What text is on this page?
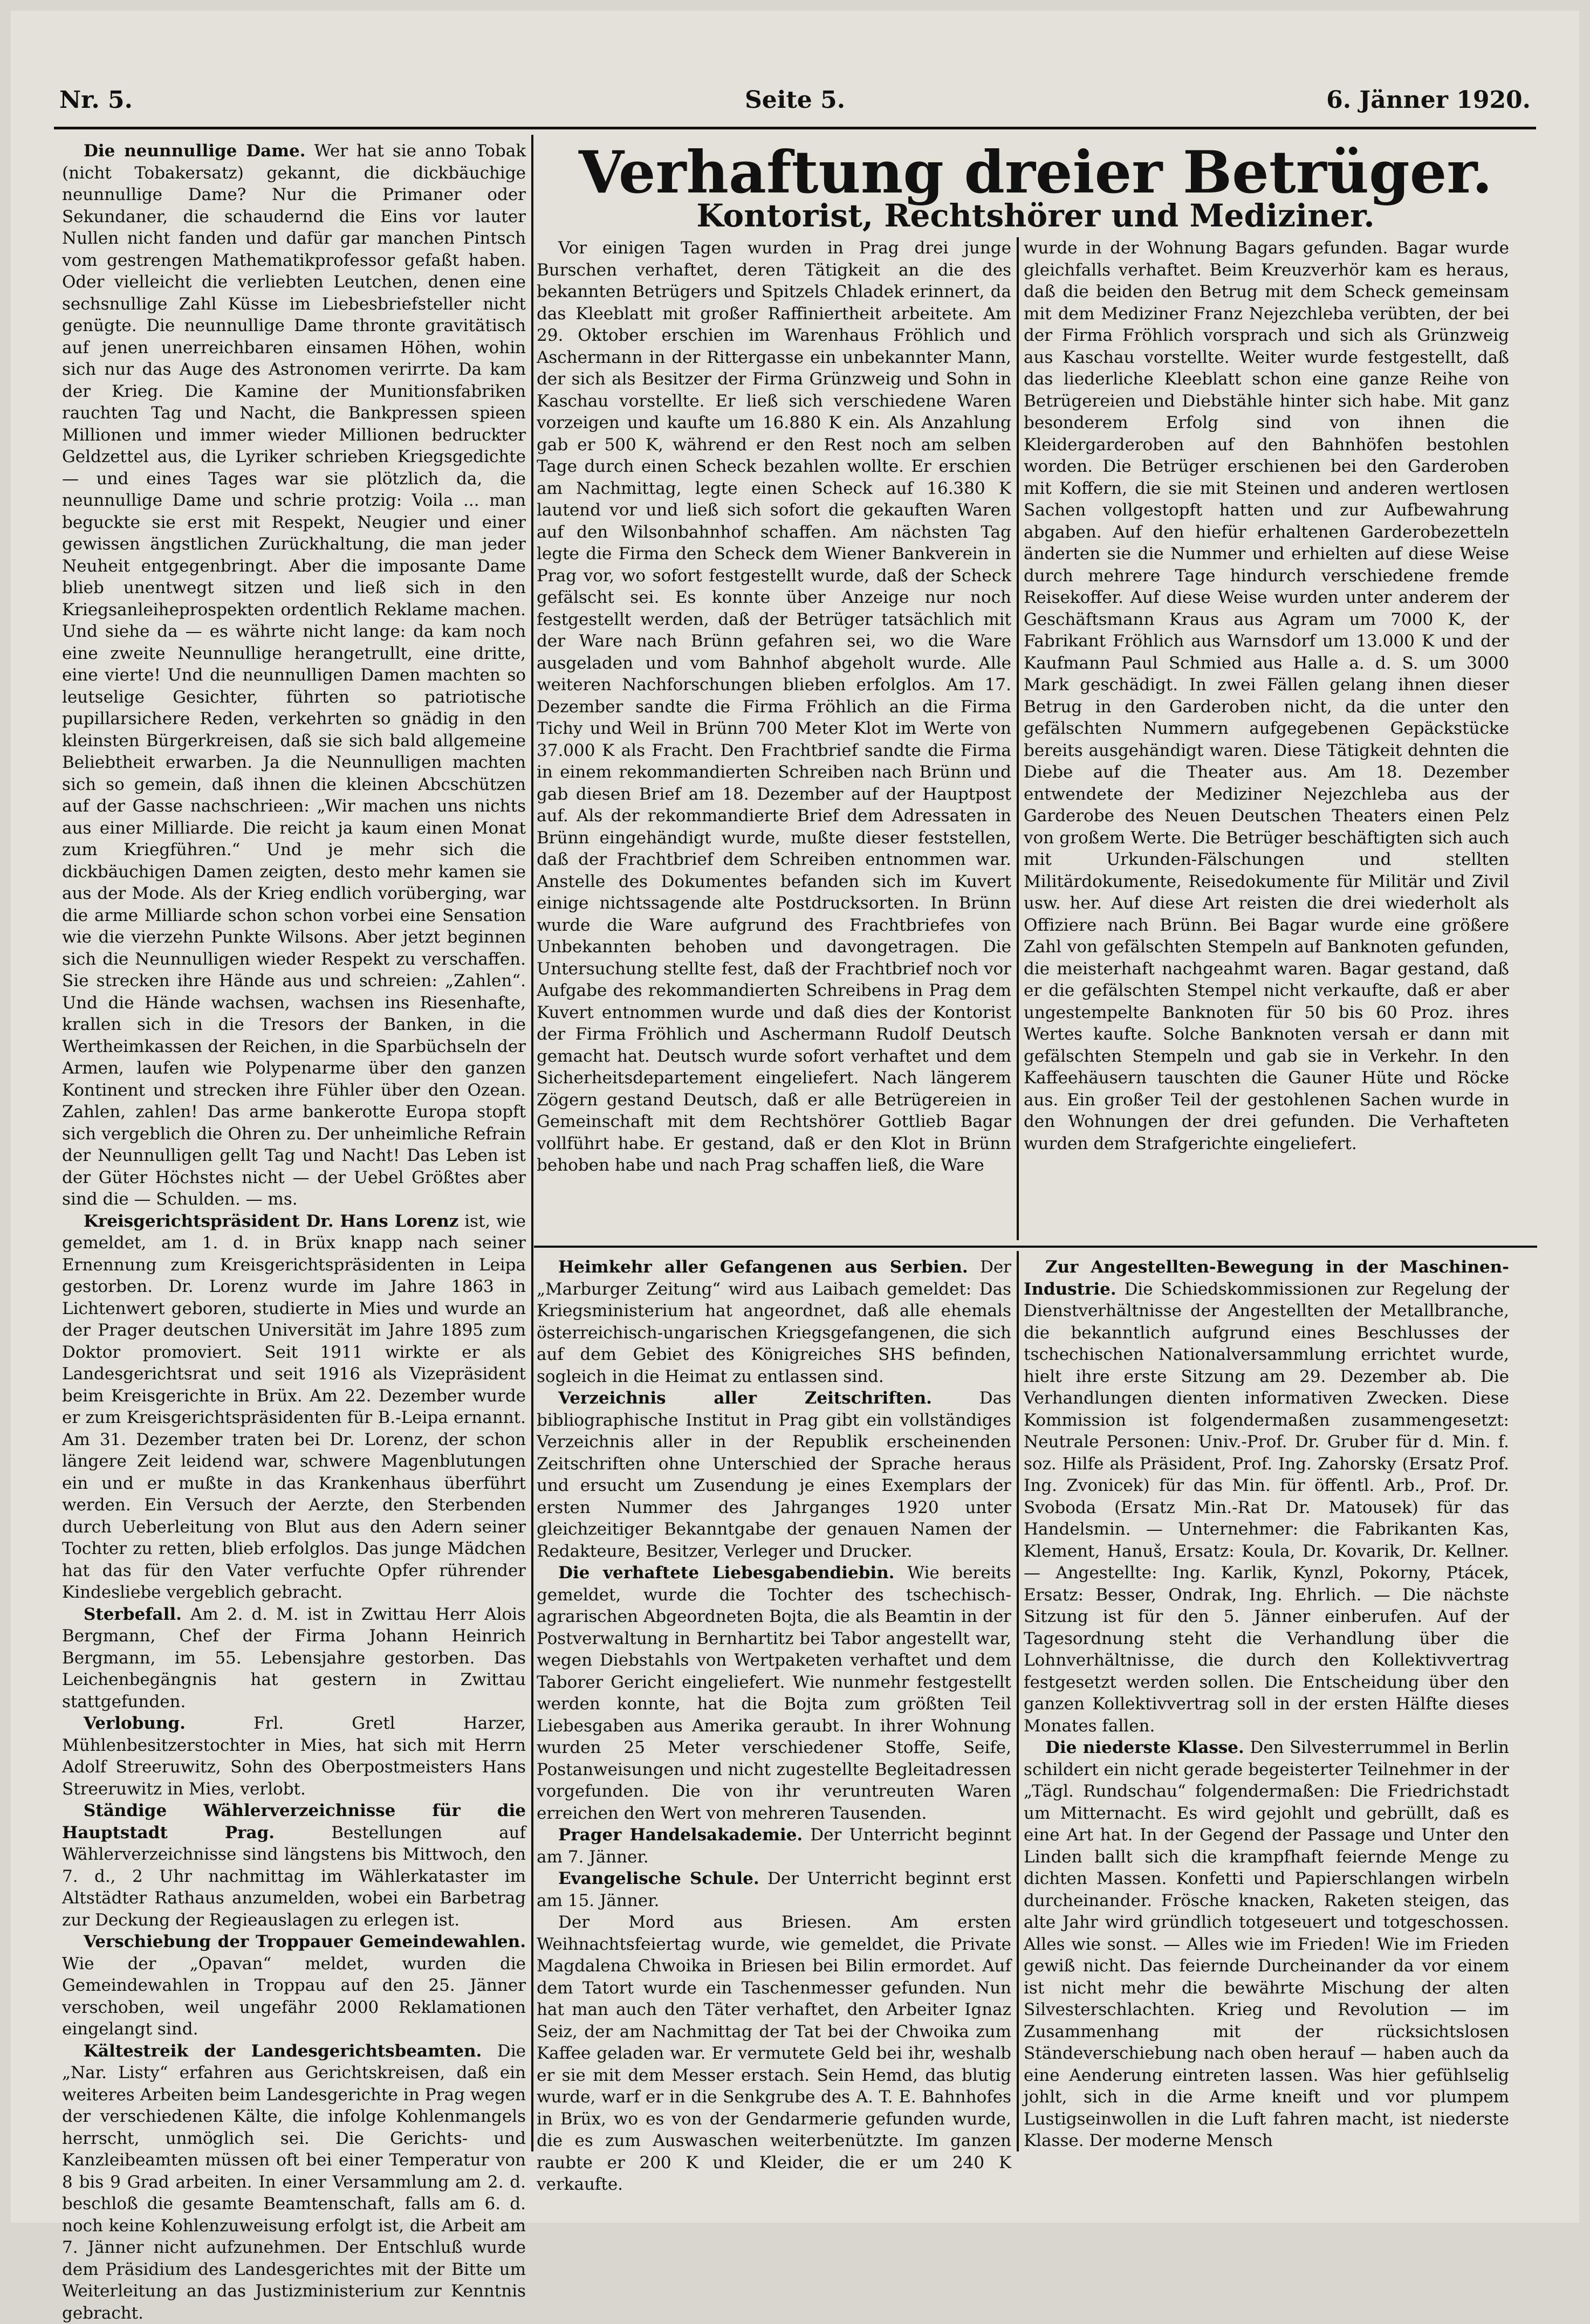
Nr. 5.	Seite 5.	6. Jänner 1920.

Die neunnullige Dame. Wer hat sie anno Tobak (nicht Tobakersatz) gekannt, die dickbäuchige neunnullige Dame? Nur die Primaner oder Sekundaner, die schaudernd die Eins vor lauter Nullen nicht fanden und dafür gar manchen Pintsch vom gestrengen Mathematikprofessor gefaßt haben. Oder vielleicht die verliebten Leutchen, denen eine sechsnullige Zahl Küsse im Liebesbriefsteller nicht genügte. Die neunnullige Dame thronte gravitätisch auf jenen unerreichbaren einsamen Höhen, wohin sich nur das Auge des Astronomen verirrte. Da kam der Krieg. Die Kamine der Munitionsfabriken rauchten Tag und Nacht, die Bankpressen spieen Millionen und immer wieder Millionen bedruckter Geldzettel aus, die Lyriker schrieben Kriegsgedichte — und eines Tages war sie plötzlich da, die neunnullige Dame und schrie protzig: Voila ... man beguckte sie erst mit Respekt, Neugier und einer gewissen ängstlichen Zurückhaltung, die man jeder Neuheit entgegenbringt. Aber die imposante Dame blieb unentwegt sitzen und ließ sich in den Kriegsanleiheprospekten ordentlich Reklame machen. Und siehe da — es währte nicht lange: da kam noch eine zweite Neunnullige herangetrullt, eine dritte, eine vierte! Und die neunnulligen Damen machten so leutselige Gesichter, führten so patriotische pupillarsichere Reden, verkehrten so gnädig in den kleinsten Bürgerkreisen, daß sie sich bald allgemeine Beliebtheit erwarben. Ja die Neunnulligen machten sich so gemein, daß ihnen die kleinen Abcschützen auf der Gasse nachschrieen: „Wir machen uns nichts aus einer Milliarde. Die reicht ja kaum einen Monat zum Kriegführen.“ Und je mehr sich die dickbäuchigen Damen zeigten, desto mehr kamen sie aus der Mode. Als der Krieg endlich vorüberging, war die arme Milliarde schon schon vorbei eine Sensation wie die vierzehn Punkte Wilsons. Aber jetzt beginnen sich die Neunnulligen wieder Respekt zu verschaffen. Sie strecken ihre Hände aus und schreien: „Zahlen“. Und die Hände wachsen, wachsen ins Riesenhafte, krallen sich in die Tresors der Banken, in die Wertheimkassen der Reichen, in die Sparbüchseln der Armen, laufen wie Polypenarme über den ganzen Kontinent und strecken ihre Fühler über den Ozean. Zahlen, zahlen! Das arme bankerotte Europa stopft sich vergeblich die Ohren zu. Der unheimliche Refrain der Neunnulligen gellt Tag und Nacht! Das Leben ist der Güter Höchstes nicht — der Uebel Größtes aber sind die — Schulden. — ms.

Kreisgerichtspräsident Dr. Hans Lorenz ist, wie gemeldet, am 1. d. in Brüx knapp nach seiner Ernennung zum Kreisgerichtspräsidenten in Leipa gestorben. Dr. Lorenz wurde im Jahre 1863 in Lichtenwert geboren, studierte in Mies und wurde an der Prager deutschen Universität im Jahre 1895 zum Doktor promoviert. Seit 1911 wirkte er als Landesgerichtsrat und seit 1916 als Vizepräsident beim Kreisgerichte in Brüx. Am 22. Dezember wurde er zum Kreisgerichtspräsidenten für B.-Leipa ernannt. Am 31. Dezember traten bei Dr. Lorenz, der schon längere Zeit leidend war, schwere Magenblutungen ein und er mußte in das Krankenhaus überführt werden. Ein Versuch der Aerzte, den Sterbenden durch Ueberleitung von Blut aus den Adern seiner Tochter zu retten, blieb erfolglos. Das junge Mädchen hat das für den Vater verfuchte Opfer rührender Kindesliebe vergeblich gebracht.

Sterbefall. Am 2. d. M. ist in Zwittau Herr Alois Bergmann, Chef der Firma Johann Heinrich Bergmann, im 55. Lebensjahre gestorben. Das Leichenbegängnis hat gestern in Zwittau stattgefunden.

Verlobung.	Frl. Gretl Harzer, Mühlenbesitzerstochter in Mies, hat sich mit Herrn Adolf Streeruwitz, Sohn des Oberpostmeisters Hans Streeruwitz in Mies, verlobt.

Ständige Wählerverzeichnisse für die Hauptstadt Prag.	Bestellungen auf Wählerverzeichnisse sind längstens bis Mittwoch, den 7. d., 2 Uhr nachmittag im Wählerkataster im Altstädter Rathaus anzumelden, wobei ein Barbetrag zur Deckung der Regieauslagen zu erlegen ist.

Verschiebung der Troppauer Gemeindewahlen. Wie der „Opavan“ meldet, wurden die Gemeindewahlen in Troppau auf den 25. Jänner verschoben, weil ungefähr 2000 Reklamationen eingelangt sind.

Kältestreik der Landesgerichtsbeamten. Die „Nar. Listy“ erfahren aus Gerichtskreisen, daß ein weiteres Arbeiten beim Landesgerichte in Prag wegen der verschiedenen Kälte, die infolge Kohlenmangels herrscht, unmöglich sei. Die Gerichts- und Kanzleibeamten müssen oft bei einer Temperatur von 8 bis 9 Grad arbeiten. In einer Versammlung am 2. d. beschloß die gesamte Beamtenschaft, falls am 6. d. noch keine Kohlenzuweisung erfolgt ist, die Arbeit am 7. Jänner nicht aufzunehmen. Der Entschluß wurde dem Präsidium des Landesgerichtes mit der Bitte um Weiterleitung an das Justizministerium zur Kenntnis gebracht.

Verhaftung dreier Betrüger.
Kontorist, Rechtshörer und Mediziner.

Vor einigen Tagen wurden in Prag drei junge Burschen verhaftet, deren Tätigkeit an die des bekannten Betrügers und Spitzels Chladek erinnert, da das Kleeblatt mit großer Raffiniertheit arbeitete. Am 29. Oktober erschien im Warenhaus Fröhlich und Aschermann in der Rittergasse ein unbekannter Mann, der sich als Besitzer der Firma Grünzweig und Sohn in Kaschau vorstellte. Er ließ sich verschiedene Waren vorzeigen und kaufte um 16.880 K ein. Als Anzahlung gab er 500 K, während er den Rest noch am selben Tage durch einen Scheck bezahlen wollte. Er erschien am Nachmittag, legte einen Scheck auf 16.380 K lautend vor und ließ sich sofort die gekauften Waren auf den Wilsonbahnhof schaffen. Am nächsten Tag legte die Firma den Scheck dem Wiener Bankverein in Prag vor, wo sofort festgestellt wurde, daß der Scheck gefälscht sei. Es konnte über Anzeige nur noch festgestellt werden, daß der Betrüger tatsächlich mit der Ware nach Brünn gefahren sei, wo die Ware ausgeladen und vom Bahnhof abgeholt wurde. Alle weiteren Nachforschungen blieben erfolglos. Am 17. Dezember sandte die Firma Fröhlich an die Firma Tichy und Weil in Brünn 700 Meter Klot im Werte von 37.000 K als Fracht. Den Frachtbrief sandte die Firma in einem rekommandierten Schreiben nach Brünn und gab diesen Brief am 18. Dezember auf der Hauptpost auf. Als der rekommandierte Brief dem Adressaten in Brünn eingehändigt wurde, mußte dieser feststellen, daß der Frachtbrief dem Schreiben entnommen war. Anstelle des Dokumentes befanden sich im Kuvert einige nichtssagende alte Postdrucksorten. In Brünn wurde die Ware aufgrund des Frachtbriefes von Unbekannten behoben und davongetragen. Die Untersuchung stellte fest, daß der Frachtbrief noch vor Aufgabe des rekommandierten Schreibens in Prag dem Kuvert entnommen wurde und daß dies der Kontorist der Firma Fröhlich und Aschermann Rudolf Deutsch gemacht hat. Deutsch wurde sofort verhaftet und dem Sicherheitsdepartement eingeliefert. Nach längerem Zögern gestand Deutsch, daß er alle Betrügereien in Gemeinschaft mit dem Rechtshörer Gottlieb Bagar vollführt habe. Er gestand, daß er den Klot in Brünn behoben habe und nach Prag schaffen ließ, die Ware

wurde in der Wohnung Bagars gefunden. Bagar wurde gleichfalls verhaftet. Beim Kreuzverhör kam es heraus, daß die beiden den Betrug mit dem Scheck gemeinsam mit dem Mediziner Franz Nejezchleba verübten, der bei der Firma Fröhlich vorsprach und sich als Grünzweig aus Kaschau vorstellte. Weiter wurde festgestellt, daß das liederliche Kleeblatt schon eine ganze Reihe von Betrügereien und Diebstähle hinter sich habe. Mit ganz besonderem Erfolg sind von ihnen die Kleidergarderoben auf den Bahnhöfen bestohlen worden. Die Betrüger erschienen bei den Garderoben mit Koffern, die sie mit Steinen und anderen wertlosen Sachen vollgestopft hatten und zur Aufbewahrung abgaben. Auf den hiefür erhaltenen Garderobezetteln änderten sie die Nummer und erhielten auf diese Weise durch mehrere Tage hindurch verschiedene fremde Reisekoffer. Auf diese Weise wurden unter anderem der Geschäftsmann Kraus aus Agram um 7000 K, der Fabrikant Fröhlich aus Warnsdorf um 13.000 K und der Kaufmann Paul Schmied aus Halle a. d. S. um 3000 Mark geschädigt. In zwei Fällen gelang ihnen dieser Betrug in den Garderoben nicht, da die unter den gefälschten Nummern aufgegebenen Gepäckstücke bereits ausgehändigt waren. Diese Tätigkeit dehnten die Diebe auf die Theater aus. Am 18. Dezember entwendete der Mediziner Nejezchleba aus der Garderobe des Neuen Deutschen Theaters einen Pelz von großem Werte. Die Betrüger beschäftigten sich auch mit Urkunden-Fälschungen und stellten Militärdokumente, Reisedokumente für Militär und Zivil usw. her. Auf diese Art reisten die drei wiederholt als Offiziere nach Brünn. Bei Bagar wurde eine größere Zahl von gefälschten Stempeln auf Banknoten gefunden, die meisterhaft nachgeahmt waren. Bagar gestand, daß er die gefälschten Stempel nicht verkaufte, daß er aber ungestempelte Banknoten für 50 bis 60 Proz. ihres Wertes kaufte. Solche Banknoten versah er dann mit gefälschten Stempeln und gab sie in Verkehr. In den Kaffeehäusern tauschten die Gauner Hüte und Röcke aus. Ein großer Teil der gestohlenen Sachen wurde in den Wohnungen der drei gefunden. Die Verhafteten wurden dem Strafgerichte eingeliefert.

Heimkehr aller Gefangenen aus Serbien. Der „Marburger Zeitung“ wird aus Laibach gemeldet: Das Kriegsministerium hat angeordnet, daß alle ehemals österreichisch-ungarischen Kriegsgefangenen, die sich auf dem Gebiet des Königreiches SHS befinden, sogleich in die Heimat zu entlassen sind.

Verzeichnis aller Zeitschriften.	Das bibliographische Institut in Prag gibt ein vollständiges Verzeichnis aller in der Republik erscheinenden Zeitschriften ohne Unterschied der Sprache heraus und ersucht um Zusendung je eines Exemplars der ersten Nummer des Jahrganges 1920 unter gleichzeitiger Bekanntgabe der genauen Namen der Redakteure, Besitzer, Verleger und Drucker.

Die verhaftete Liebesgabendiebin. Wie bereits gemeldet, wurde die Tochter des tschechisch-agrarischen Abgeordneten Bojta, die als Beamtin in der Postverwaltung in Bernhartitz bei Tabor angestellt war, wegen Diebstahls von Wertpaketen verhaftet und dem Taborer Gericht eingeliefert. Wie nunmehr festgestellt werden konnte, hat die Bojta zum größten Teil Liebesgaben aus Amerika geraubt. In ihrer Wohnung wurden 25 Meter verschiedener Stoffe, Seife, Postanweisungen und nicht zugestellte Begleitadressen vorgefunden. Die von ihr veruntreuten Waren erreichen den Wert von mehreren Tausenden.

Prager Handelsakademie. Der Unterricht beginnt am 7. Jänner.

Evangelische Schule. Der Unterricht beginnt erst am 15. Jänner.

Der Mord aus Briesen. Am ersten Weihnachtsfeiertag wurde, wie gemeldet, die Private Magdalena Chwoika in Briesen bei Bilin ermordet. Auf dem Tatort wurde ein Taschenmesser gefunden. Nun hat man auch den Täter verhaftet, den Arbeiter Ignaz Seiz, der am Nachmittag der Tat bei der Chwoika zum Kaffee geladen war. Er vermutete Geld bei ihr, weshalb er sie mit dem Messer erstach. Sein Hemd, das blutig wurde, warf er in die Senkgrube des A. T. E. Bahnhofes in Brüx, wo es von der Gendarmerie gefunden wurde, die es zum Auswaschen weiterbenützte. Im ganzen raubte er 200 K und Kleider, die er um 240 K verkaufte.

Zur Angestellten-Bewegung in der Maschinen-Industrie. Die Schiedskommissionen zur Regelung der Dienstverhältnisse der Angestellten der Metallbranche, die bekanntlich aufgrund eines Beschlusses der tschechischen Nationalversammlung errichtet wurde, hielt ihre erste Sitzung am 29. Dezember ab. Die Verhandlungen dienten informativen Zwecken. Diese Kommission ist folgendermaßen zusammengesetzt: Neutrale Personen: Univ.-Prof. Dr. Gruber für d. Min. f. soz. Hilfe als Präsident, Prof. Ing. Zahorsky (Ersatz Prof. Ing. Zvonicek) für das Min. für öffentl. Arb., Prof. Dr. Svoboda (Ersatz Min.-Rat Dr. Matousek) für das Handelsmin. — Unternehmer: die Fabrikanten Kas, Klement, Hanuš, Ersatz: Koula, Dr. Kovarik, Dr. Kellner. — Angestellte: Ing. Karlik, Kynzl, Pokorny, Ptácek, Ersatz: Besser, Ondrak, Ing. Ehrlich. — Die nächste Sitzung ist für den 5. Jänner einberufen. Auf der Tagesordnung steht die Verhandlung über die Lohnverhältnisse, die durch den Kollektivvertrag festgesetzt werden sollen. Die Entscheidung über den ganzen Kollektivvertrag soll in der ersten Hälfte dieses Monates fallen.

Die niederste Klasse. Den Silvesterrummel in Berlin schildert ein nicht gerade begeisterter Teilnehmer in der „Tägl. Rundschau“ folgendermaßen: Die Friedrichstadt um Mitternacht. Es wird gejohlt und gebrüllt, daß es eine Art hat. In der Gegend der Passage und Unter den Linden ballt sich die krampfhaft feiernde Menge zu dichten Massen. Konfetti und Papierschlangen wirbeln durcheinander. Frösche knacken, Raketen steigen, das alte Jahr wird gründlich totgeseuert und totgeschossen. Alles wie sonst. — Alles wie im Frieden! Wie im Frieden gewiß nicht. Das feiernde Durcheinander da vor einem ist nicht mehr die bewährte Mischung der alten Silvesterschlachten. Krieg und Revolution — im Zusammenhang mit der rücksichtslosen Ständeverschiebung nach oben herauf — haben auch da eine Aenderung eintreten lassen. Was hier gefühlselig johlt, sich in die Arme kneift und vor plumpem Lustigseinwollen in die Luft fahren macht, ist niederste Klasse. Der moderne Mensch
